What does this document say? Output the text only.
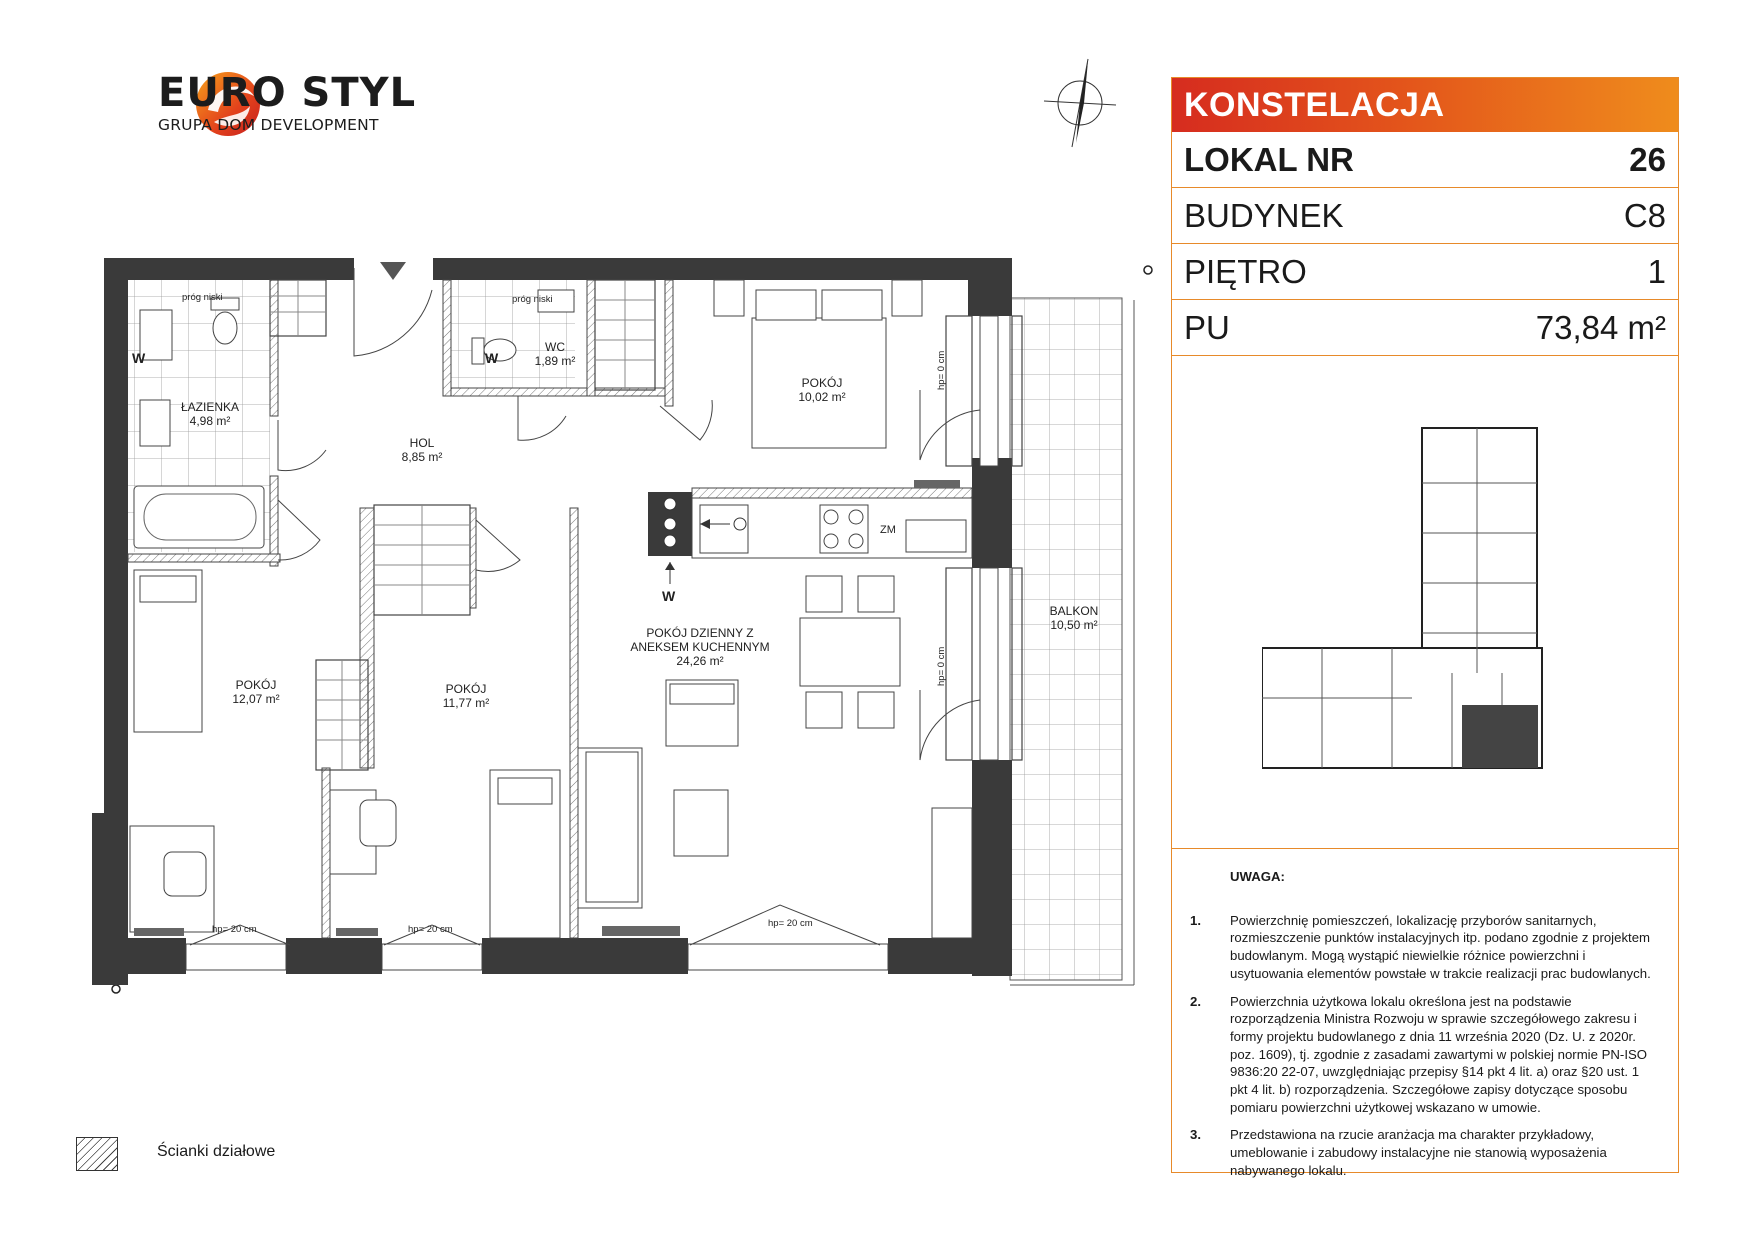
EURO STYL
GRUPA DOM DEVELOPMENT
ŁAZIENKA
4,98 m²
WC
1,89 m²
HOL
8,85 m²
POKÓJ
10,02 m²
POKÓJ DZIENNY Z
ANEKSEM KUCHENNYM
24,26 m²
POKÓJ
12,07 m²
POKÓJ
11,77 m²
BALKON
10,50 m²
próg niski	próg niski
W	W
W
ZM
hp= 20 cm	hp= 20 cm
hp= 20 cm
hp= 0 cm
hp= 0 cm
KONSTELACJA
LOKAL NR	26
BUDYNEK	C8
PIĘTRO	1
PU	73,84 m²
UWAGA:
1. Powierzchnię pomieszczeń, lokalizację przyborów sanitarnych, rozmieszczenie punktów instalacyjnych itp. podano zgodnie z projektem budowlanym. Mogą wystąpić niewielkie różnice powierzchni i usytuowania elementów powstałe w trakcie realizacji prac budowlanych.
2. Powierzchnia użytkowa lokalu określona jest na podstawie rozporządzenia Ministra Rozwoju w sprawie szczegółowego zakresu i formy projektu budowlanego z dnia 11 września 2020 (Dz. U. z 2020r. poz. 1609), tj. zgodnie z zasadami zawartymi w polskiej normie PN-ISO 9836:20 22-07, uwzględniając przepisy §14 pkt 4 lit. a) oraz §20 ust. 1 pkt 4 lit. b) rozporządzenia. Szczegółowe zapisy dotyczące sposobu pomiaru powierzchni użytkowej wskazano w umowie.
3. Przedstawiona na rzucie aranżacja ma charakter przykładowy, umeblowanie i zabudowy instalacyjne nie stanowią wyposażenia nabywanego lokalu.
Ścianki działowe
